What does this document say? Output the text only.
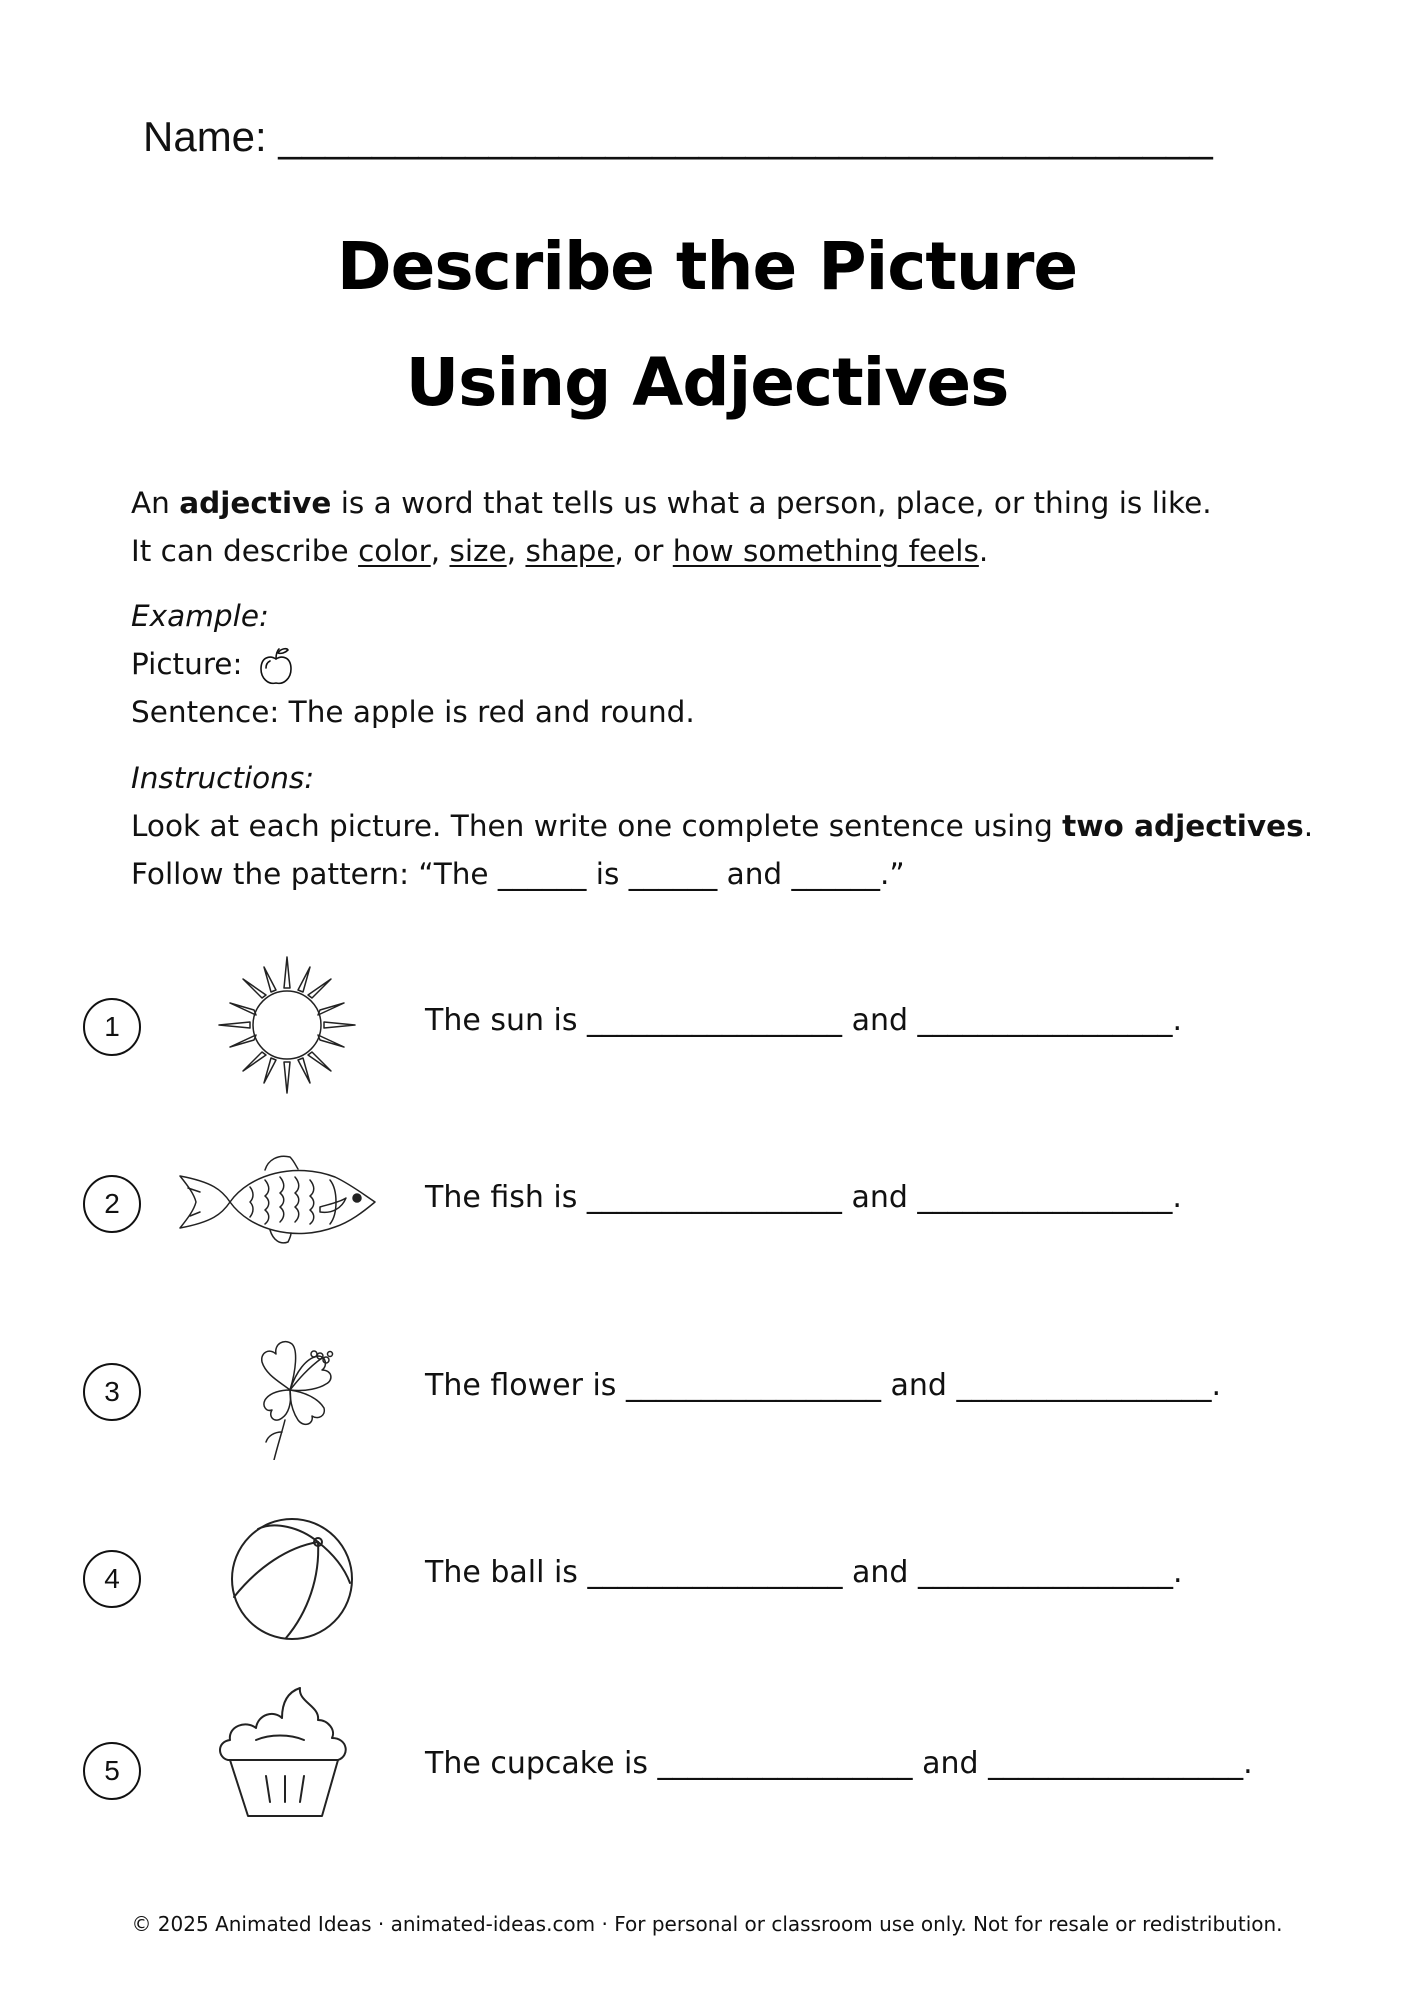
Name: ________________________________________
Describe the Picture
Using Adjectives
An adjective is a word that tells us what a person, place, or thing is like.
It can describe color, size, shape, or how something feels.
Example:
Picture:
Sentence: The apple is red and round.
Instructions:
Look at each picture. Then write one complete sentence using two adjectives.
Follow the pattern: “The ______ is ______ and ______.”
1	The sun is _________________ and _________________.
2	The fish is _________________ and _________________.
3	The flower is _________________ and _________________.
4	The ball is _________________ and _________________.
5	The cupcake is _________________ and _________________.
© 2025 Animated Ideas · animated-ideas.com · For personal or classroom use only. Not for resale or redistribution.
